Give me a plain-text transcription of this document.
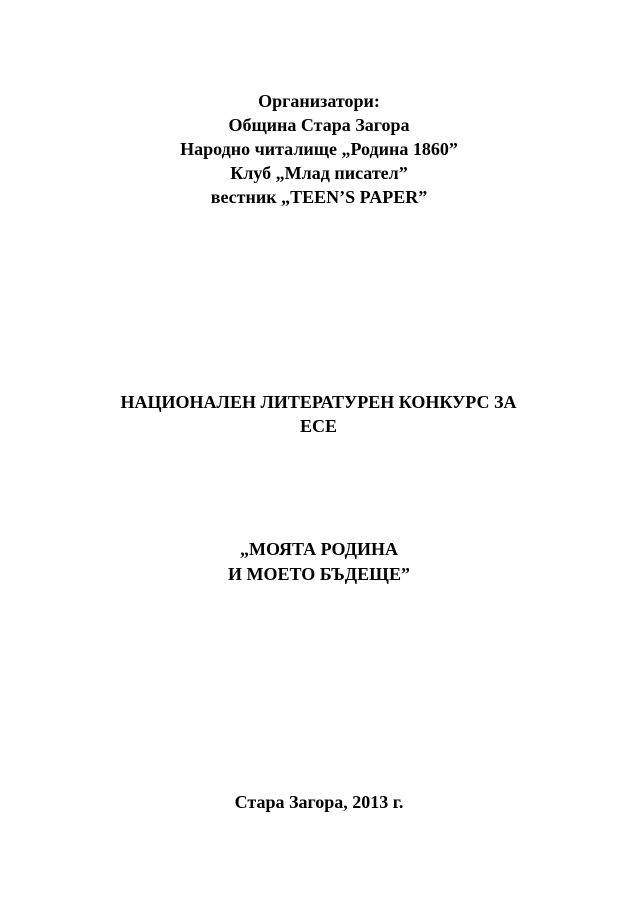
Организатори:
Община Стара Загора
Народно читалище „Родина 1860”
Клуб „Млад писател”
вестник „TEEN’S PAPER”
НАЦИОНАЛЕН ЛИТЕРАТУРЕН КОНКУРС ЗА
ЕСЕ
„МОЯТА РОДИНА
И МОЕТО БЪДЕЩЕ”
Стара Загора, 2013 г.
